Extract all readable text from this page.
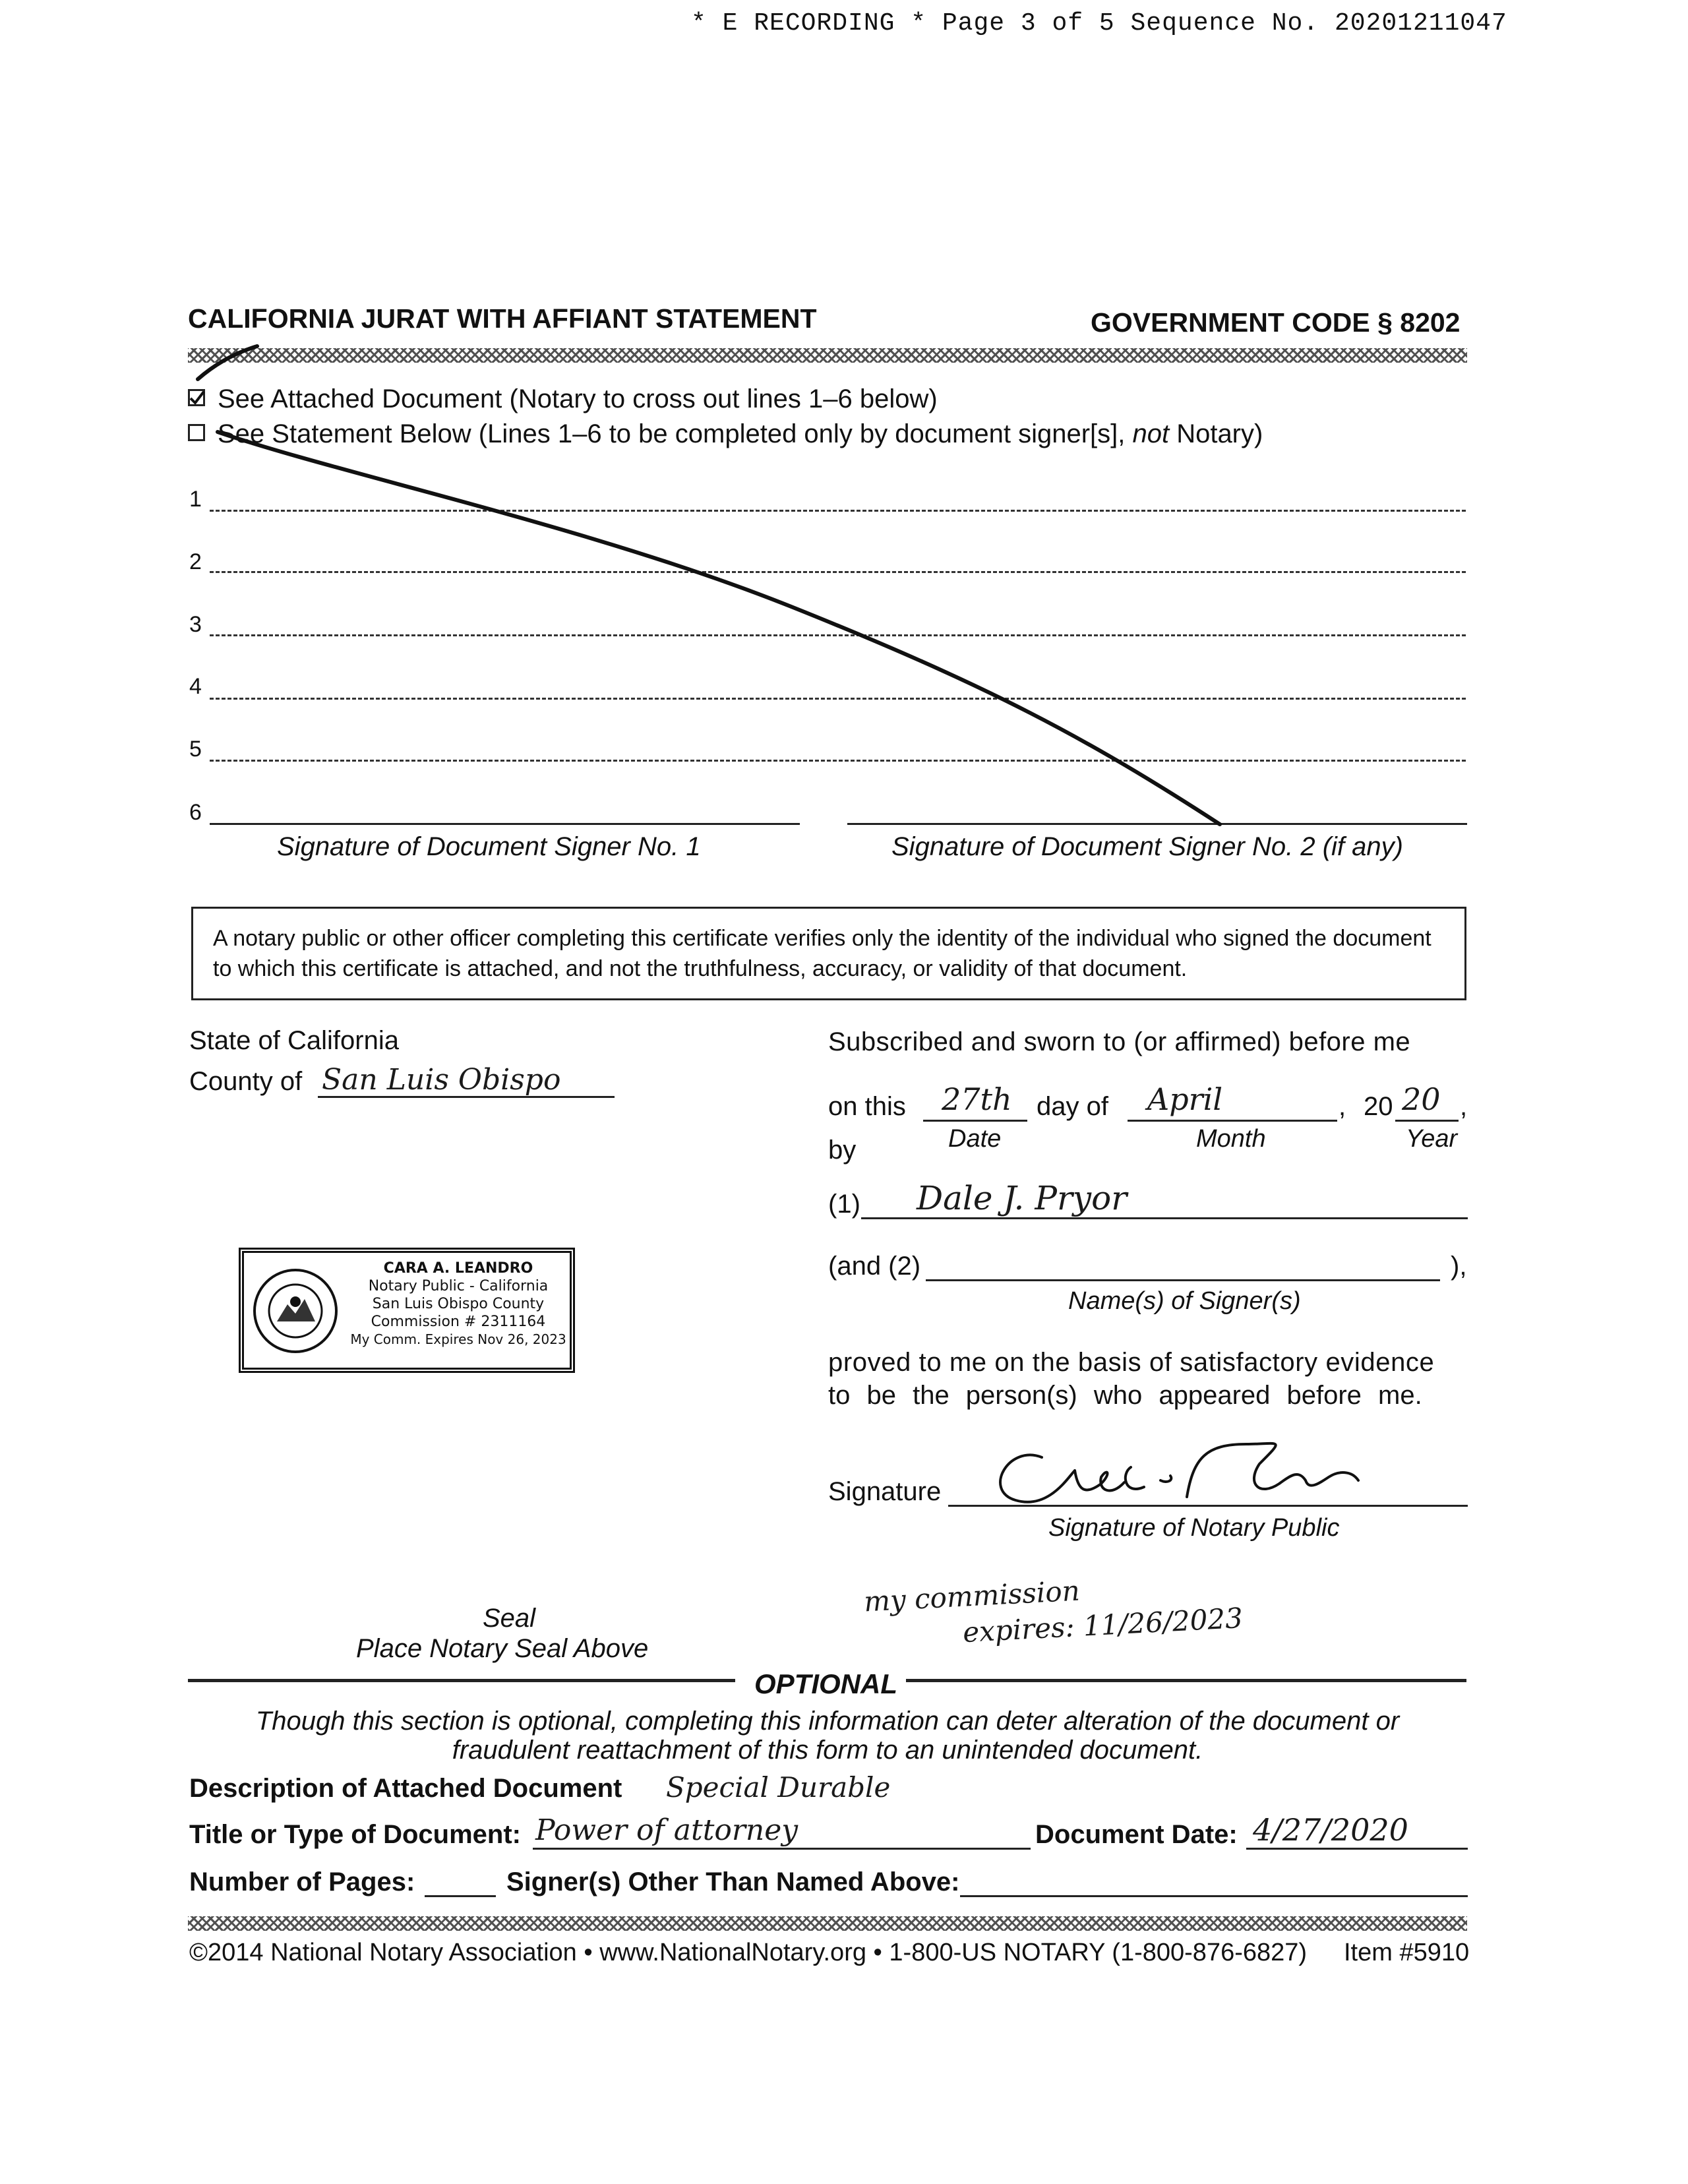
* E RECORDING * Page 3 of 5 Sequence No. 20201211047
CALIFORNIA JURAT WITH AFFIANT STATEMENT	GOVERNMENT CODE § 8202
See Attached Document (Notary to cross out lines 1–6 below)
See Statement Below (Lines 1–6 to be completed only by document signer[s], not Notary)
1
2
3
4
5
6
Signature of Document Signer No. 1	Signature of Document Signer No. 2 (if any)
A notary public or other officer completing this certificate verifies only the identity of the individual who signed the document to which this certificate is attached, and not the truthfulness, accuracy, or validity of that document.
State of California
County of San Luis Obispo
Subscribed and sworn to (or affirmed) before me
on this 27th day of April	, 20 20 ,
by	Date	Month	Year
(1) Dale J. Pryor
(and (2)	),
Name(s) of Signer(s)
proved to me on the basis of satisfactory evidence
to be the person(s) who appeared before me.
Signature
Signature of Notary Public
my commission
expires: 11/26/2023
CARA A. LEANDRO
Notary Public - California
San Luis Obispo County
Commission # 2311164
My Comm. Expires Nov 26, 2023
Seal
Place Notary Seal Above
OPTIONAL
Though this section is optional, completing this information can deter alteration of the document or
fraudulent reattachment of this form to an unintended document.
Description of Attached Document Special Durable
Title or Type of Document: Power of attorney	Document Date: 4/27/2020
Number of Pages:	Signer(s) Other Than Named Above:
©2014 National Notary Association • www.NationalNotary.org • 1-800-US NOTARY (1-800-876-6827) Item #5910
